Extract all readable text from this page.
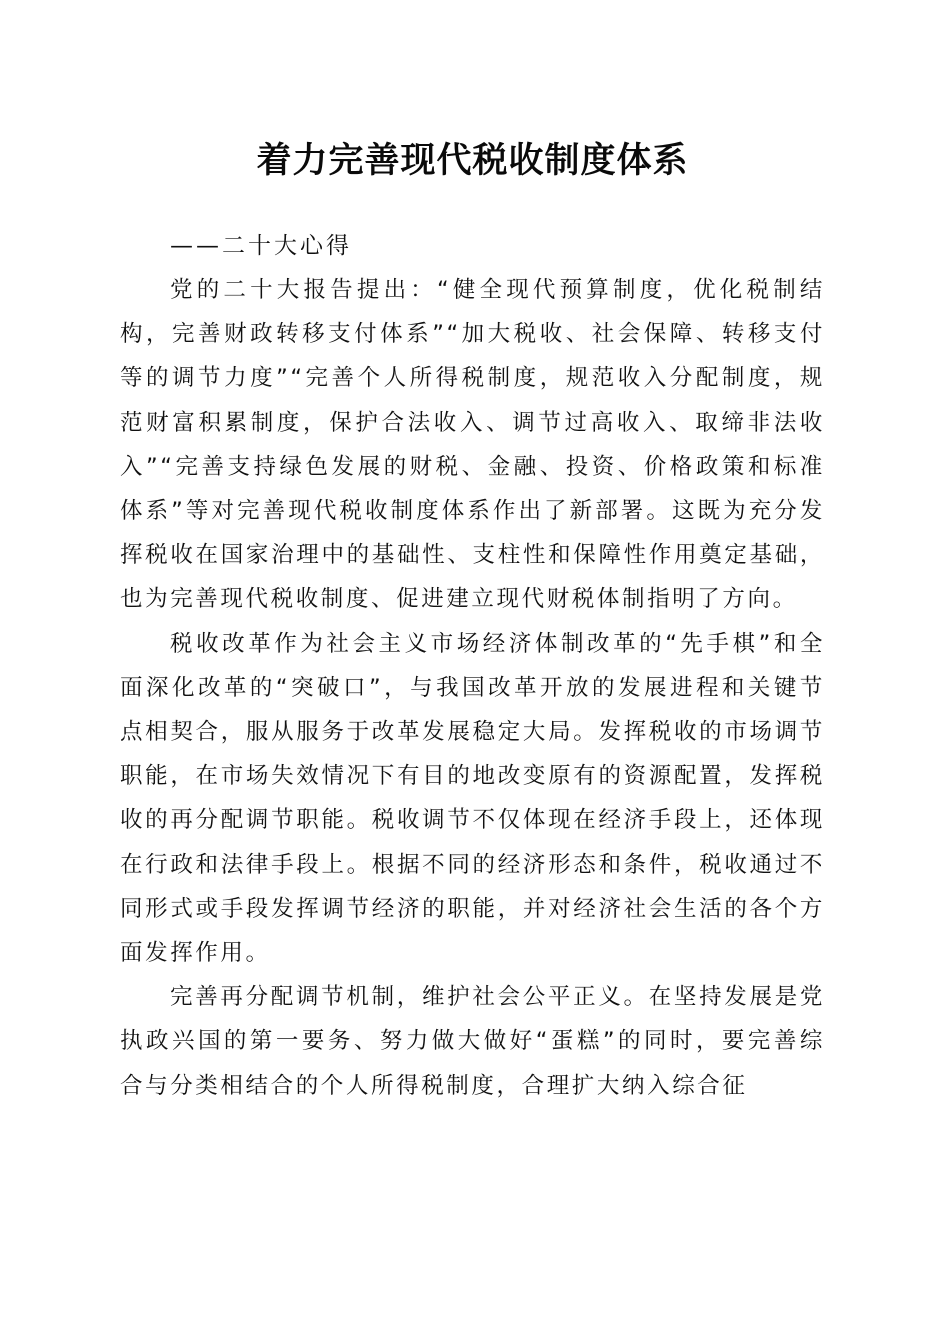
着力完善现代税收制度体系
——二十大心得

党的二十大报告提出：“健全现代预算制度，优化税制结构，完善财政转移支付体系”“加大税收、社会保障、转移支付等的调节力度”“完善个人所得税制度，规范收入分配制度，规范财富积累制度，保护合法收入、调节过高收入、取缔非法收入”“完善支持绿色发展的财税、金融、投资、价格政策和标准体系”等对完善现代税收制度体系作出了新部署。这既为充分发挥税收在国家治理中的基础性、支柱性和保障性作用奠定基础，也为完善现代税收制度、促进建立现代财税体制指明了方向。

税收改革作为社会主义市场经济体制改革的“先手棋”和全面深化改革的“突破口”，与我国改革开放的发展进程和关键节点相契合，服从服务于改革发展稳定大局。发挥税收的市场调节职能，在市场失效情况下有目的地改变原有的资源配置，发挥税收的再分配调节职能。税收调节不仅体现在经济手段上，还体现在行政和法律手段上。根据不同的经济形态和条件，税收通过不同形式或手段发挥调节经济的职能，并对经济社会生活的各个方面发挥作用。

完善再分配调节机制，维护社会公平正义。在坚持发展是党执政兴国的第一要务、努力做大做好“蛋糕”的同时，要完善综合与分类相结合的个人所得税制度，合理扩大纳入综合征
